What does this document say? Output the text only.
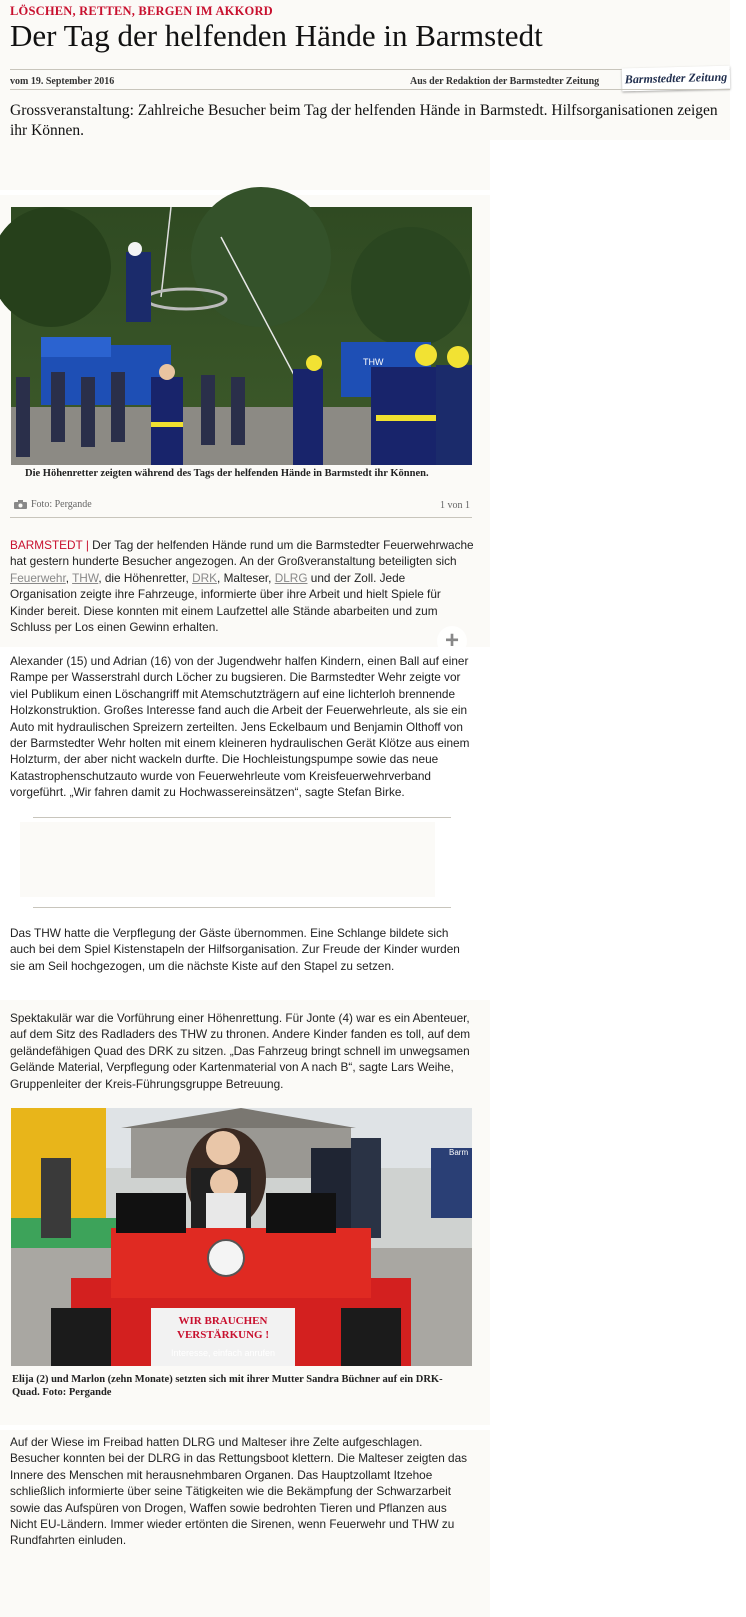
LÖSCHEN, RETTEN, BERGEN IM AKKORD
Der Tag der helfenden Hände in Barmstedt
vom 19. September 2016	Aus der Redaktion der Barmstedter Zeitung Barmstedter Zeitung
Grossveranstaltung: Zahlreiche Besucher beim Tag der helfenden Hände in Barmstedt. Hilfsorganisationen zeigen ihr Können.
THW
+
Die Höhenretter zeigten während des Tags der helfenden Hände in Barmstedt ihr Können.
Foto: Pergande	1 von 1
BARMSTEDT | Der Tag der helfenden Hände rund um die Barmstedter Feuerwehrwache hat gestern hunderte Besucher angezogen. An der Großveranstaltung beteiligten sich Feuerwehr, THW, die Höhenretter, DRK, Malteser, DLRG und der Zoll. Jede Organisation zeigte ihre Fahrzeuge, informierte über ihre Arbeit und hielt Spiele für Kinder bereit. Diese konnten mit einem Laufzettel alle Stände abarbeiten und zum Schluss per Los einen Gewinn erhalten.
Alexander (15) und Adrian (16) von der Jugendwehr halfen Kindern, einen Ball auf einer Rampe per Wasserstrahl durch Löcher zu bugsieren. Die Barmstedter Wehr zeigte vor viel Publikum einen Löschangriff mit Atemschutzträgern auf eine lichterloh brennende Holzkonstruktion. Großes Interesse fand auch die Arbeit der Feuerwehrleute, als sie ein Auto mit hydraulischen Spreizern zerteilten. Jens Eckelbaum und Benjamin Olthoff von der Barmstedter Wehr holten mit einem kleineren hydraulischen Gerät Klötze aus einem Holzturm, der aber nicht wackeln durfte. Die Hochleistungspumpe sowie das neue Katastrophenschutzauto wurde von Feuerwehrleute vom Kreisfeuerwehrverband vorgeführt. „Wir fahren damit zu Hochwassereinsätzen“, sagte Stefan Birke.
Das THW hatte die Verpflegung der Gäste übernommen. Eine Schlange bildete sich auch bei dem Spiel Kistenstapeln der Hilfsorganisation. Zur Freude der Kinder wurden sie am Seil hochgezogen, um die nächste Kiste auf den Stapel zu setzen.
Spektakulär war die Vorführung einer Höhenrettung. Für Jonte (4) war es ein Abenteuer, auf dem Sitz des Radladers des THW zu thronen. Andere Kinder fanden es toll, auf dem geländefähigen Quad des DRK zu sitzen. „Das Fahrzeug bringt schnell im unwegsamen Gelände Material, Verpflegung oder Kartenmaterial von A nach B“, sagte Lars Weihe, Gruppenleiter der Kreis-Führungsgruppe Betreuung.
Barm
WIR BRAUCHEN
VERSTÄRKUNG !
Interesse, einfach anrufen
Elija (2) und Marlon (zehn Monate) setzten sich mit ihrer Mutter Sandra Büchner auf ein DRK-Quad. Foto: Pergande
Auf der Wiese im Freibad hatten DLRG und Malteser ihre Zelte aufgeschlagen. Besucher konnten bei der DLRG in das Rettungsboot klettern. Die Malteser zeigten das Innere des Menschen mit herausnehmbaren Organen. Das Hauptzollamt Itzehoe schließlich informierte über seine Tätigkeiten wie die Bekämpfung der Schwarzarbeit sowie das Aufspüren von Drogen, Waffen sowie bedrohten Tieren und Pflanzen aus Nicht EU-Ländern. Immer wieder ertönten die Sirenen, wenn Feuerwehr und THW zu Rundfahrten einluden.
